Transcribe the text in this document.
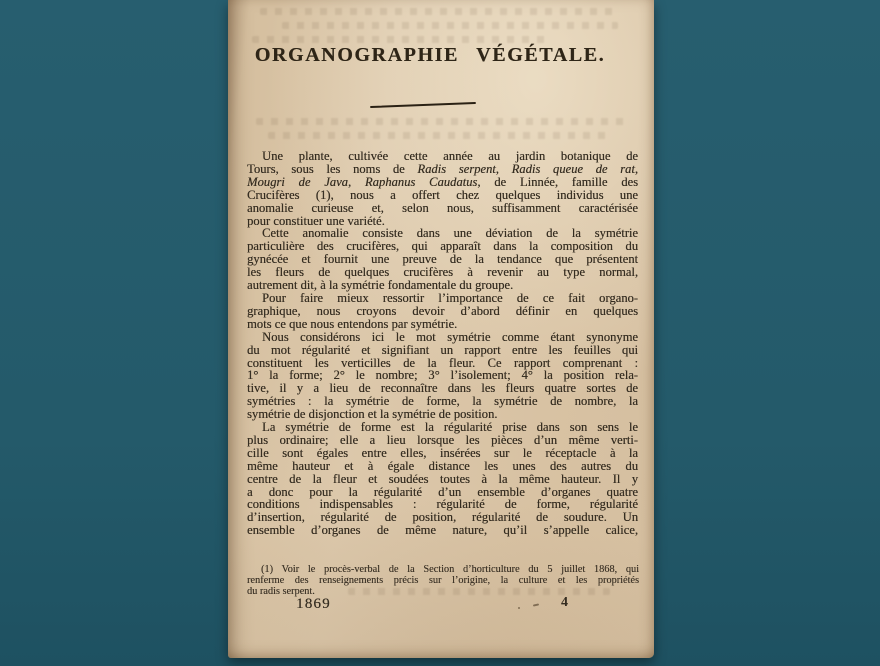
ORGANOGRAPHIE VÉGÉTALE.
Une plante, cultivée cette année au jardin botanique de
Tours, sous les noms de Radis serpent, Radis queue de rat,
Mougri de Java, Raphanus Caudatus, de Linnée, famille des
Crucifères (1), nous a offert chez quelques individus une
anomalie curieuse et, selon nous, suffisamment caractérisée
pour constituer une variété.
Cette anomalie consiste dans une déviation de la symétrie
particulière des crucifères, qui apparaît dans la composition du
gynécée et fournit une preuve de la tendance que présentent
les fleurs de quelques crucifères à revenir au type normal,
autrement dit, à la symétrie fondamentale du groupe.
Pour faire mieux ressortir l’importance de ce fait organo-
graphique, nous croyons devoir d’abord définir en quelques
mots ce que nous entendons par symétrie.
Nous considérons ici le mot symétrie comme étant synonyme
du mot régularité et signifiant un rapport entre les feuilles qui
constituent les verticilles de la fleur. Ce rapport comprenant :
1° la forme; 2° le nombre; 3° l’isolement; 4° la position rela-
tive, il y a lieu de reconnaître dans les fleurs quatre sortes de
symétries : la symétrie de forme, la symétrie de nombre, la
symétrie de disjonction et la symétrie de position.
La symétrie de forme est la régularité prise dans son sens le
plus ordinaire; elle a lieu lorsque les pièces d’un même verti-
cille sont égales entre elles, insérées sur le réceptacle à la
même hauteur et à égale distance les unes des autres du
centre de la fleur et soudées toutes à la même hauteur. Il y
a donc pour la régularité d’un ensemble d’organes quatre
conditions indispensables : régularité de forme, régularité
d’insertion, régularité de position, régularité de soudure. Un
ensemble d’organes de même nature, qu’il s’appelle calice,
(1) Voir le procès-verbal de la Section d’horticulture du 5 juillet 1868, qui
renferme des renseignements précis sur l’origine, la culture et les propriétés
du radis serpent.
1869	4
